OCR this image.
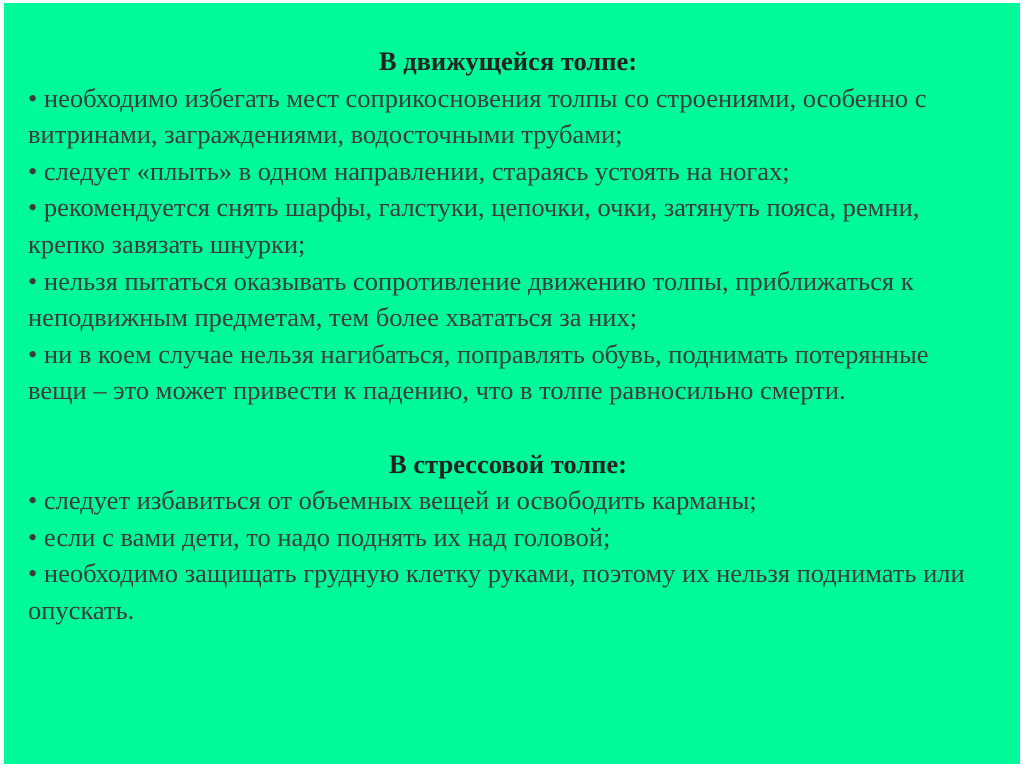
В движущейся толпе:

• необходимо избегать мест соприкосновения толпы со строениями, особенно с витринами, заграждениями, водосточными трубами;
• следует «плыть» в одном направлении, стараясь устоять на ногах;
• рекомендуется снять шарфы, галстуки, цепочки, очки, затянуть пояса, ремни, крепко завязать шнурки;
• нельзя пытаться оказывать сопротивление движению толпы, приближаться к неподвижным предметам, тем более хвататься за них;
• ни в коем случае нельзя нагибаться, поправлять обувь, поднимать потерянные вещи – это может привести к падению, что в толпе равносильно смерти.

В стрессовой толпе:

• следует избавиться от объемных вещей и освободить карманы;
• если с вами дети, то надо поднять их над головой;
• необходимо защищать грудную клетку руками, поэтому их нельзя поднимать или опускать.
